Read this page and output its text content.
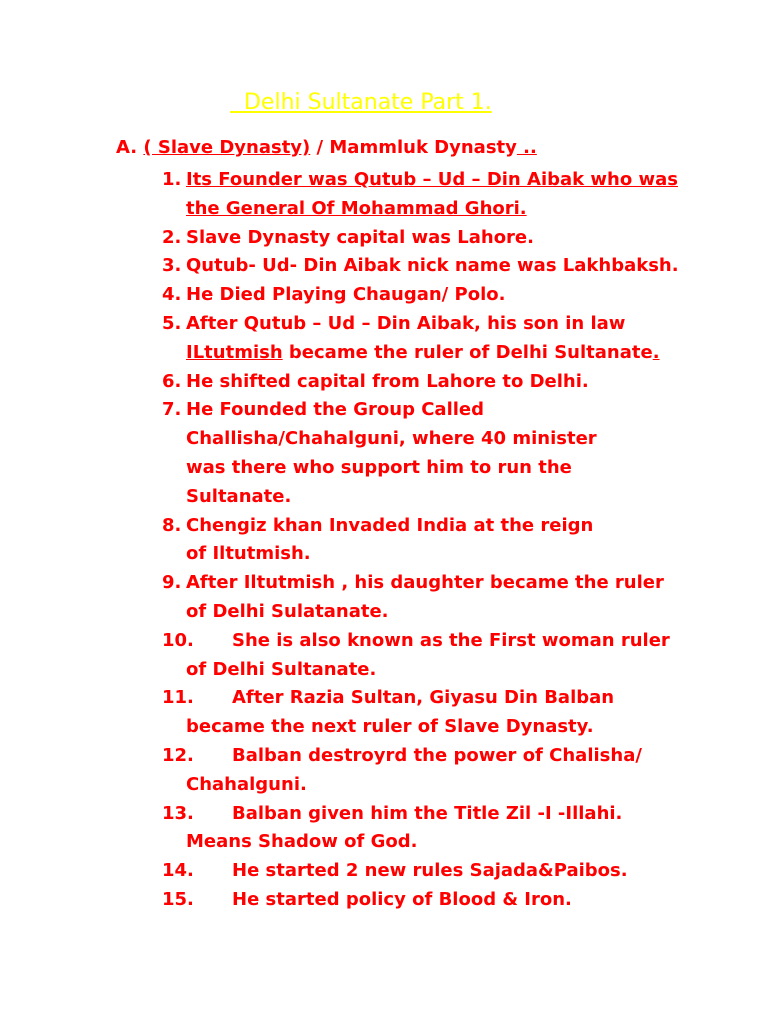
Delhi Sultanate Part 1.
A. ( Slave Dynasty) / Mammluk Dynasty ..
1. Its Founder was Qutub – Ud – Din Aibak who was the General Of Mohammad Ghori.
2. Slave Dynasty capital was Lahore.
3. Qutub- Ud- Din Aibak nick name was Lakhbaksh.
4. He Died Playing Chaugan/ Polo.
5. After Qutub – Ud – Din Aibak, his son in law ILtutmish became the ruler of Delhi Sultanate.
6. He shifted capital from Lahore to Delhi.
7. He Founded the Group Called Challisha/Chahalguni, where 40 minister was there who support him to run the Sultanate.
8. Chengiz khan Invaded India at the reign of Iltutmish.
9. After Iltutmish , his daughter became the ruler of Delhi Sulatanate.
10.	She is also known as the First woman ruler of Delhi Sultanate.
11.	After Razia Sultan, Giyasu Din Balban became the next ruler of Slave Dynasty.
12.	Balban destroyrd the power of Chalisha/ Chahalguni.
13.	Balban given him the Title Zil -I -Illahi. Means Shadow of God.
14.	He started 2 new rules Sajada&Paibos.
15.	He started policy of Blood & Iron.
